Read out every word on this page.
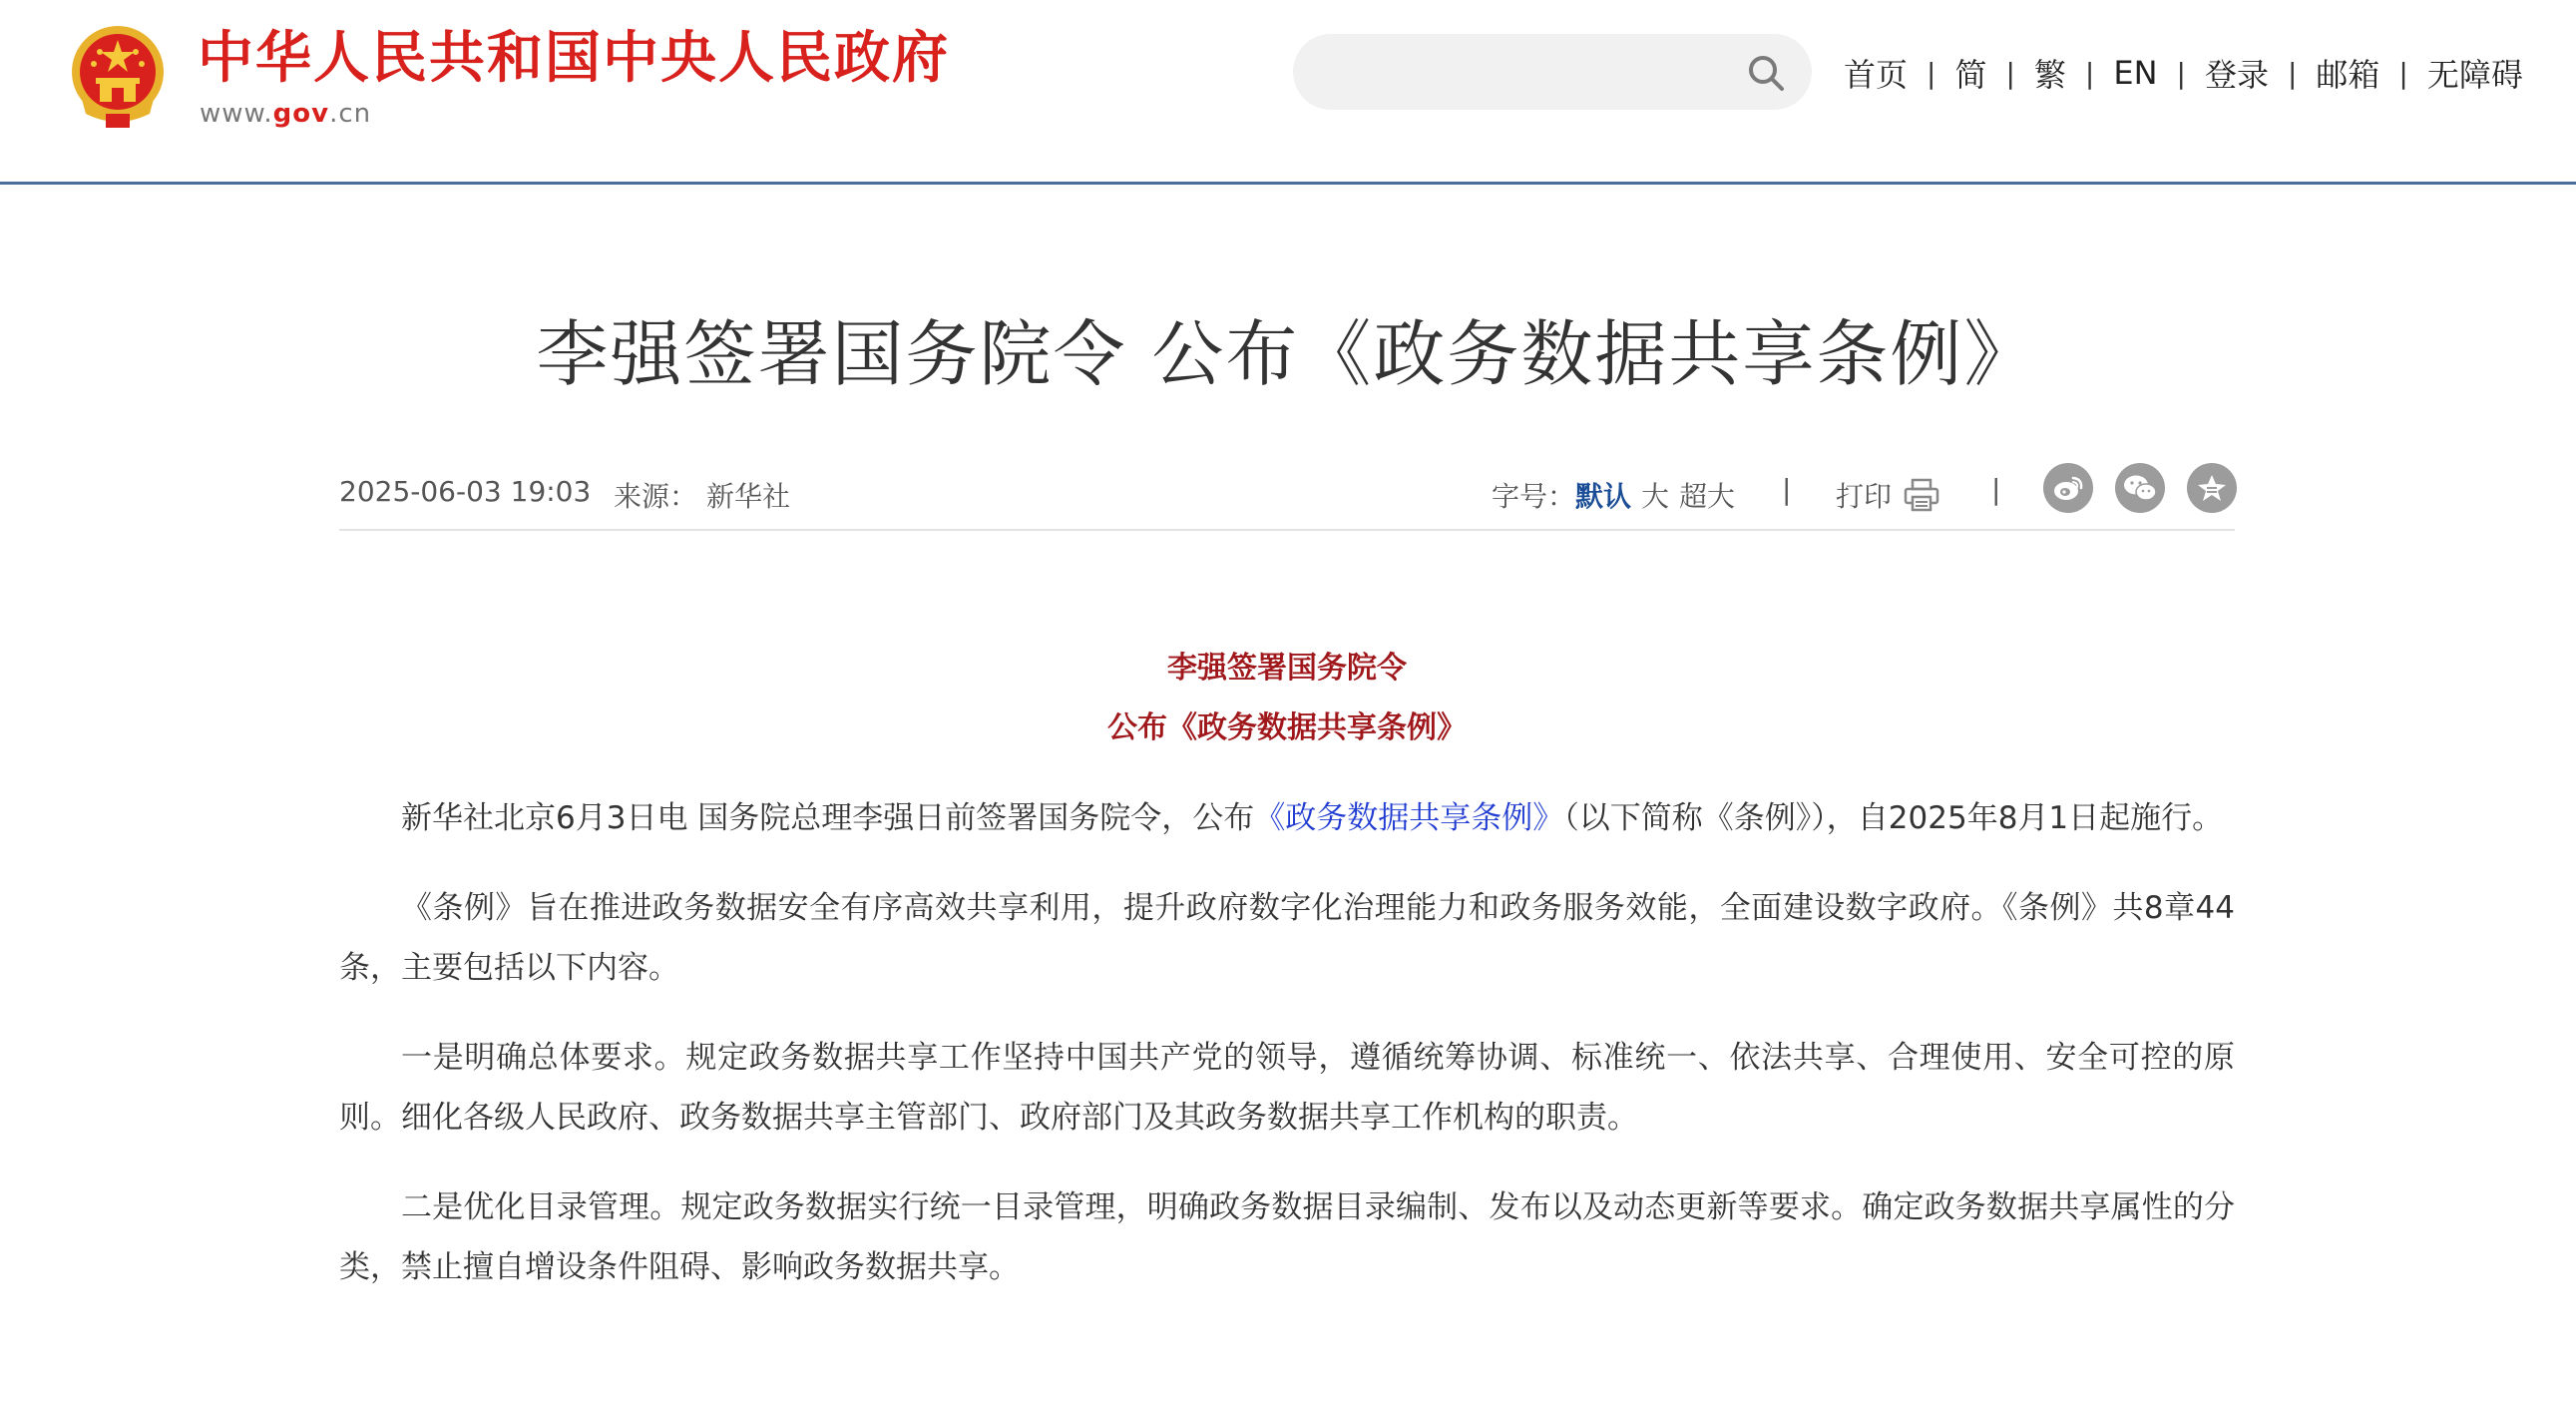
中华人民共和国中央人民政府
www.gov.cn
首页 | 简 | 繁 | EN | 登录 | 邮箱 | 无障碍
李强签署国务院令 公布《政务数据共享条例》
2025-06-03 19:03 来源： 新华社	字号：默认 大 超大 | 打印	|

李强签署国务院令

公布《政务数据共享条例》

新华社北京6月3日电 国务院总理李强日前签署国务院令，公布《政务数据共享条例》（以下简称《条例》），自2025年8月1日起施行。

《条例》旨在推进政务数据安全有序高效共享利用，提升政府数字化治理能力和政务服务效能，全面建设数字政府。《条例》共8章44条，主要包括以下内容。

一是明确总体要求。规定政务数据共享工作坚持中国共产党的领导，遵循统筹协调、标准统一、依法共享、合理使用、安全可控的原则。细化各级人民政府、政务数据共享主管部门、政府部门及其政务数据共享工作机构的职责。

二是优化目录管理。规定政务数据实行统一目录管理，明确政务数据目录编制、发布以及动态更新等要求。确定政务数据共享属性的分类，禁止擅自增设条件阻碍、影响政务数据共享。
